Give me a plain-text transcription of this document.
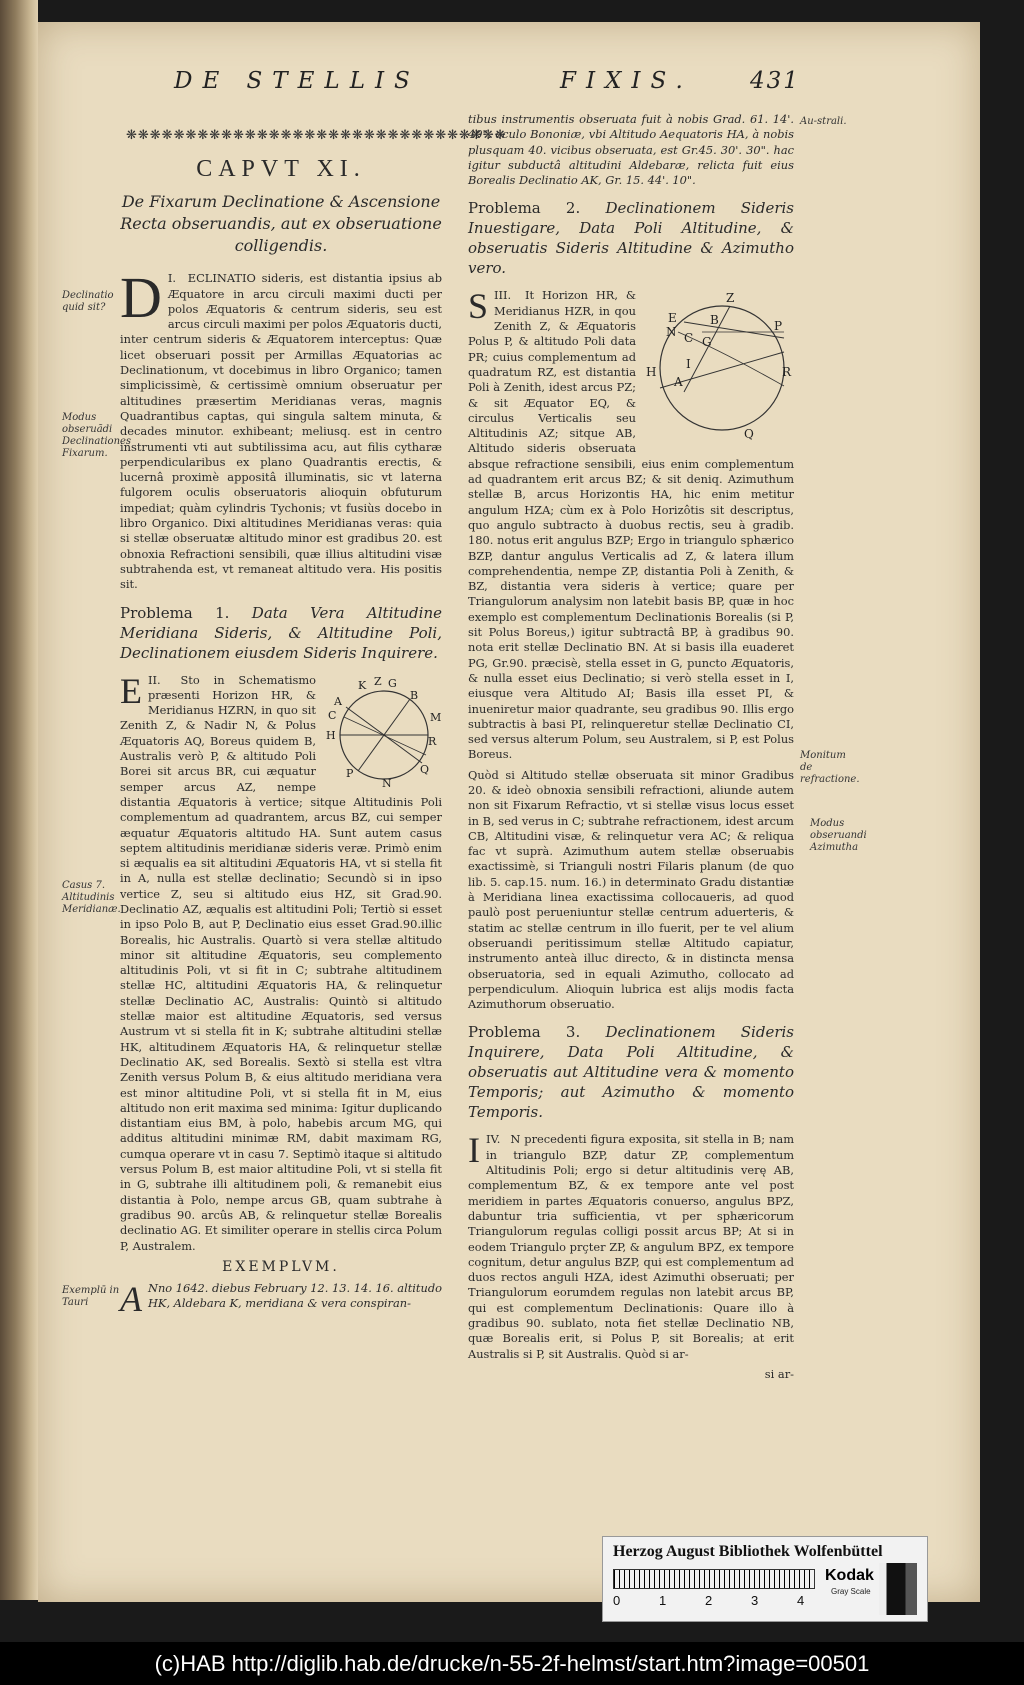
DE STELLIS	FIXIS. 431
❋❋❋❋❋❋❋❋❋❋❋❋❋❋❋❋❋❋❋❋❋❋❋❋❋❋❋❋❋❋❋❋
CAPVT XI.
De Fixarum Declinatione & Ascensione Recta obseruandis, aut ex obseruatione colligendis.

I.
D ECLINATIO sideris, est distantia ipsius ab Æquatore in arcu circuli maximi ducti per polos Æquatoris & centrum sideris, seu est arcus circuli maximi per polos Æquatoris ducti, inter centrum sideris & Æquatorem interceptus: Quæ licet obseruari possit per Armillas Æquatorias ac Declinationum, vt docebimus in libro Organico; tamen simplicissimè, & certissimè omnium obseruatur per altitudines præsertim Meridianas veras, magnis Quadrantibus captas, qui singula saltem minuta, & decades minutor. exhibeant; meliusq. est in centro instrumenti vti aut subtilissima acu, aut filis cytharæ perpendicularibus ex plano Quadrantis erectis, & lucernâ proximè appositâ illuminatis, sic vt laterna fulgorem oculis obseruatoris alioquin obfuturum impediat; quàm cylindris Tychonis; vt fusiùs docebo in libro Organico. Dixi altitudines Meridianas veras: quia si stellæ obseruatæ altitudo minor est gradibus 20. est obnoxia Refractioni sensibili, quæ illius altitudini visæ subtrahenda est, vt remaneat altitudo vera. His positis sit.

Problema 1. Data Vera Altitudine Meridiana Sideris, & Altitudine Poli, Declinationem eiusdem Sideris Inquirere.

II.
E	K Z G
B
A
C	M
H	R
P
N
Q
Sto in Schematismo præsenti Horizon HR, & Meridianus HZRN, in quo sit Zenith Z, & Nadir N, & Polus Æquatoris AQ, Boreus quidem B, Australis verò P, & altitudo Poli Borei sit arcus BR, cui æquatur semper arcus AZ, nempe distantia Æquatoris à vertice; sitque Altitudinis Poli complementum ad quadrantem, arcus BZ, cui semper æquatur Æquatoris altitudo HA. Sunt autem casus septem altitudinis meridianæ sideris veræ. Primò enim si æqualis ea sit altitudini Æquatoris HA, vt si stella fit in A, nulla est stellæ declinatio; Secundò si in ipso vertice Z, seu si altitudo eius HZ, sit Grad.90. Declinatio AZ, æqualis est altitudini Poli; Tertiò si esset in ipso Polo B, aut P, Declinatio eius esset Grad.90.illic Borealis, hic Australis. Quartò si vera stellæ altitudo minor sit altitudine Æquatoris, seu complemento altitudinis Poli, vt si fit in C; subtrahe altitudinem stellæ HC, altitudini Æquatoris HA, & relinquetur stellæ Declinatio AC, Australis: Quintò si altitudo stellæ maior est altitudine Æquatoris, sed versus Austrum vt si stella fit in K; subtrahe altitudini stellæ HK, altitudinem Æquatoris HA, & relinquetur stellæ Declinatio AK, sed Borealis. Sextò si stella est vltra Zenith versus Polum B, & eius altitudo meridiana vera est minor altitudine Poli, vt si stella fit in M, eius altitudo non erit maxima sed minima: Igitur duplicando distantiam eius BM, à polo, habebis arcum MG, qui additus altitudini minimæ RM, dabit maximam RG, cumqua operare vt in casu 7. Septimò itaque si altitudo versus Polum B, est maior altitudine Poli, vt si stella fit in G, subtrahe illi altitudinem poli, & remanebit eius distantia à Polo, nempe arcus GB, quam subtrahe à gradibus 90. arcûs AB, & relinquetur stellæ Borealis declinatio AG. Et similiter operare in stellis circa Polum P, Australem.

EXEMPLVM.

A Nno 1642. diebus February 12. 13. 14. 16. altitudo HK, Aldebara K, meridiana & vera conspiran-

Declinatio quid sit?
Modus obseruãdi Declinationes Fixarum.
Casus 7. Altitudinis Meridianæ.
Exemplū in Tauri

tibus instrumentis obseruata fuit à nobis Grad. 61. 14'. 40". oculo Bononiæ, vbi Altitudo Aequatoris HA, à nobis plusquam 40. vicibus obseruata, est Gr.45. 30'. 30". hac igitur subductâ altitudini Aldebaræ, relicta fuit eius Borealis Declinatio AK, Gr. 15. 44'. 10".

Problema 2. Declinationem Sideris Inuestigare, Data Poli Altitudine, & obseruatis Sideris Altitudine & Azimutho vero.

III.
S	Z
E	B	P
N C G
I
H
A
R
Q
It Horizon HR, & Meridianus HZR, in qou Zenith Z, & Æquatoris Polus P, & altitudo Poli data PR; cuius complementum ad quadratum RZ, est distantia Poli à Zenith, idest arcus PZ; & sit Æquator EQ, & circulus Verticalis seu Altitudinis AZ; sitque AB, Altitudo sideris obseruata absque refractione sensibili, eius enim complementum ad quadrantem erit arcus BZ; & sit deniq. Azimuthum stellæ B, arcus Horizontis HA, hic enim metitur angulum HZA; cùm ex à Polo Horizôtis sit descriptus, quo angulo subtracto à duobus rectis, seu à gradib. 180. notus erit angulus BZP; Ergo in triangulo sphærico BZP, dantur angulus Verticalis ad Z, & latera illum comprehendentia, nempe ZP, distantia Poli à Zenith, & BZ, distantia vera sideris à vertice; quare per Triangulorum analysim non latebit basis BP, quæ in hoc exemplo est complementum Declinationis Borealis (si P, sit Polus Boreus,) igitur subtractâ BP, à gradibus 90. nota erit stellæ Declinatio BN. At si basis illa euaderet PG, Gr.90. præcisè, stella esset in G, puncto Æquatoris, & nulla esset eius Declinatio; si verò stella esset in I, eiusque vera Altitudo AI; Basis illa esset PI, & inueniretur maior quadrante, seu gradibus 90. Illis ergo subtractis à basi PI, relinqueretur stellæ Declinatio CI, sed versus alterum Polum, seu Australem, si P, est Polus Boreus.

Quòd si Altitudo stellæ obseruata sit minor Gradibus 20. & ideò obnoxia sensibili refractioni, aliunde autem non sit Fixarum Refractio, vt si stellæ visus locus esset in B, sed verus in C; subtrahe refractionem, idest arcum CB, Altitudini visæ, & relinquetur vera AC; & reliqua fac vt suprà. Azimuthum autem stellæ obseruabis exactissimè, si Trianguli nostri Filaris planum (de quo lib. 5. cap.15. num. 16.) in determinato Gradu distantiæ à Meridiana linea exactissima collocaueris, ad quod paulò post perueniuntur stellæ centrum aduerteris, & statim ac stellæ centrum in illo fuerit, per te vel alium obseruandi peritissimum stellæ Altitudo capiatur, instrumento anteà illuc directo, & in distincta mensa obseruatoria, sed in equali Azimutho, collocato ad perpendiculum. Alioquin lubrica est alijs modis facta Azimuthorum obseruatio.

Problema 3. Declinationem Sideris Inquirere, Data Poli Altitudine, & obseruatis aut Altitudine vera & momento Temporis; aut Azimutho & momento Temporis.

IV.
I	N precedenti figura exposita, sit stella in B; nam in triangulo BZP, datur ZP, complementum Altitudinis Poli; ergo si detur altitudinis verę AB, complementum BZ, & ex tempore ante vel post meridiem in partes Æquatoris conuerso, angulus BPZ, dabuntur tria sufficientia, vt per sphæricorum Triangulorum regulas colligi possit arcus BP; At si in eodem Triangulo prçter ZP, & angulum BPZ, ex tempore cognitum, detur angulus BZP, qui est complementum ad duos rectos anguli HZA, idest Azimuthi obseruati; per Triangulorum eorumdem regulas non latebit arcus BP, qui est complementum Declinationis: Quare illo à gradibus 90. sublato, nota fiet stellæ Declinatio NB, quæ Borealis erit, si Polus P, sit Borealis; at erit Australis si P, sit Australis. Quòd si ar-

si ar-
Au-strali.
Monitum de refractione.
Modus obseruandi Azimutha
Herzog August Bibliothek Wolfenbüttel
0	1	2	3	4
Kodak
Gray Scale
(c)HAB http://diglib.hab.de/drucke/n-55-2f-helmst/start.htm?image=00501
